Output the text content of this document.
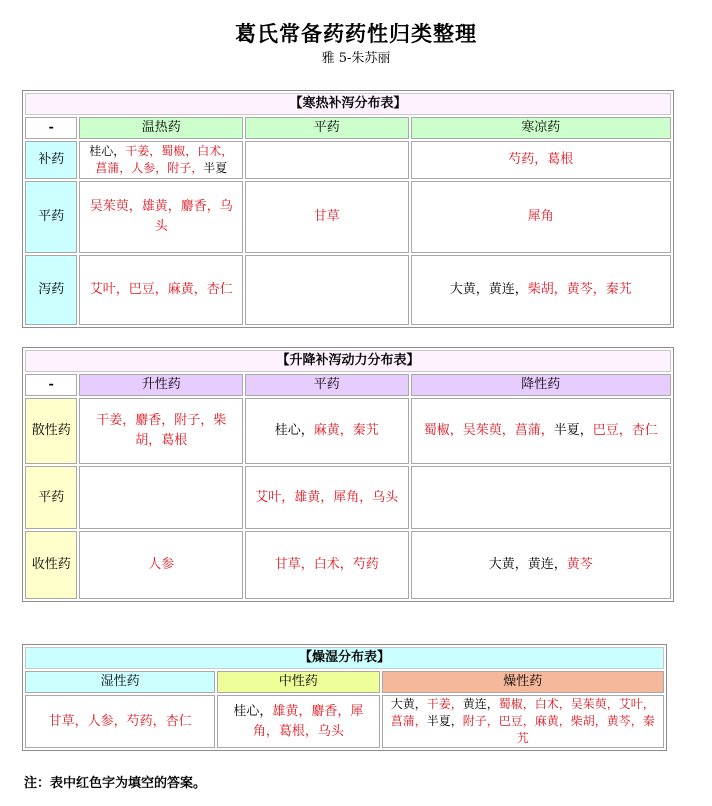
葛氏常备药药性归类整理
雅 5-朱苏丽
【寒热补泻分布表】			
-	温热药	平药	寒凉药
补药	桂心，干姜，蜀椒，白术，菖蒲，人参，附子，半夏		芍药，葛根
平药	吴茱萸，雄黄，麝香，乌头	甘草	犀角
泻药	艾叶，巴豆，麻黄，杏仁		大黄，黄连，柴胡，黄芩，秦艽
【升降补泻动力分布表】			
-	升性药	平药	降性药
散性药	干姜，麝香，附子，柴胡，葛根	桂心，麻黄，秦艽	蜀椒，吴茱萸，菖蒲，半夏，巴豆，杏仁
平药		艾叶，雄黄，犀角，乌头	
收性药	人参	甘草，白术，芍药	大黄，黄连，黄芩
【燥湿分布表】		
湿性药	中性药	燥性药
甘草，人参，芍药，杏仁	桂心，雄黄，麝香，犀角，葛根，乌头	大黄，干姜，黄连，蜀椒，白术，吴茱萸，艾叶，菖蒲，半夏，附子，巴豆，麻黄，柴胡，黄芩，秦艽
注：表中红色字为填空的答案。
